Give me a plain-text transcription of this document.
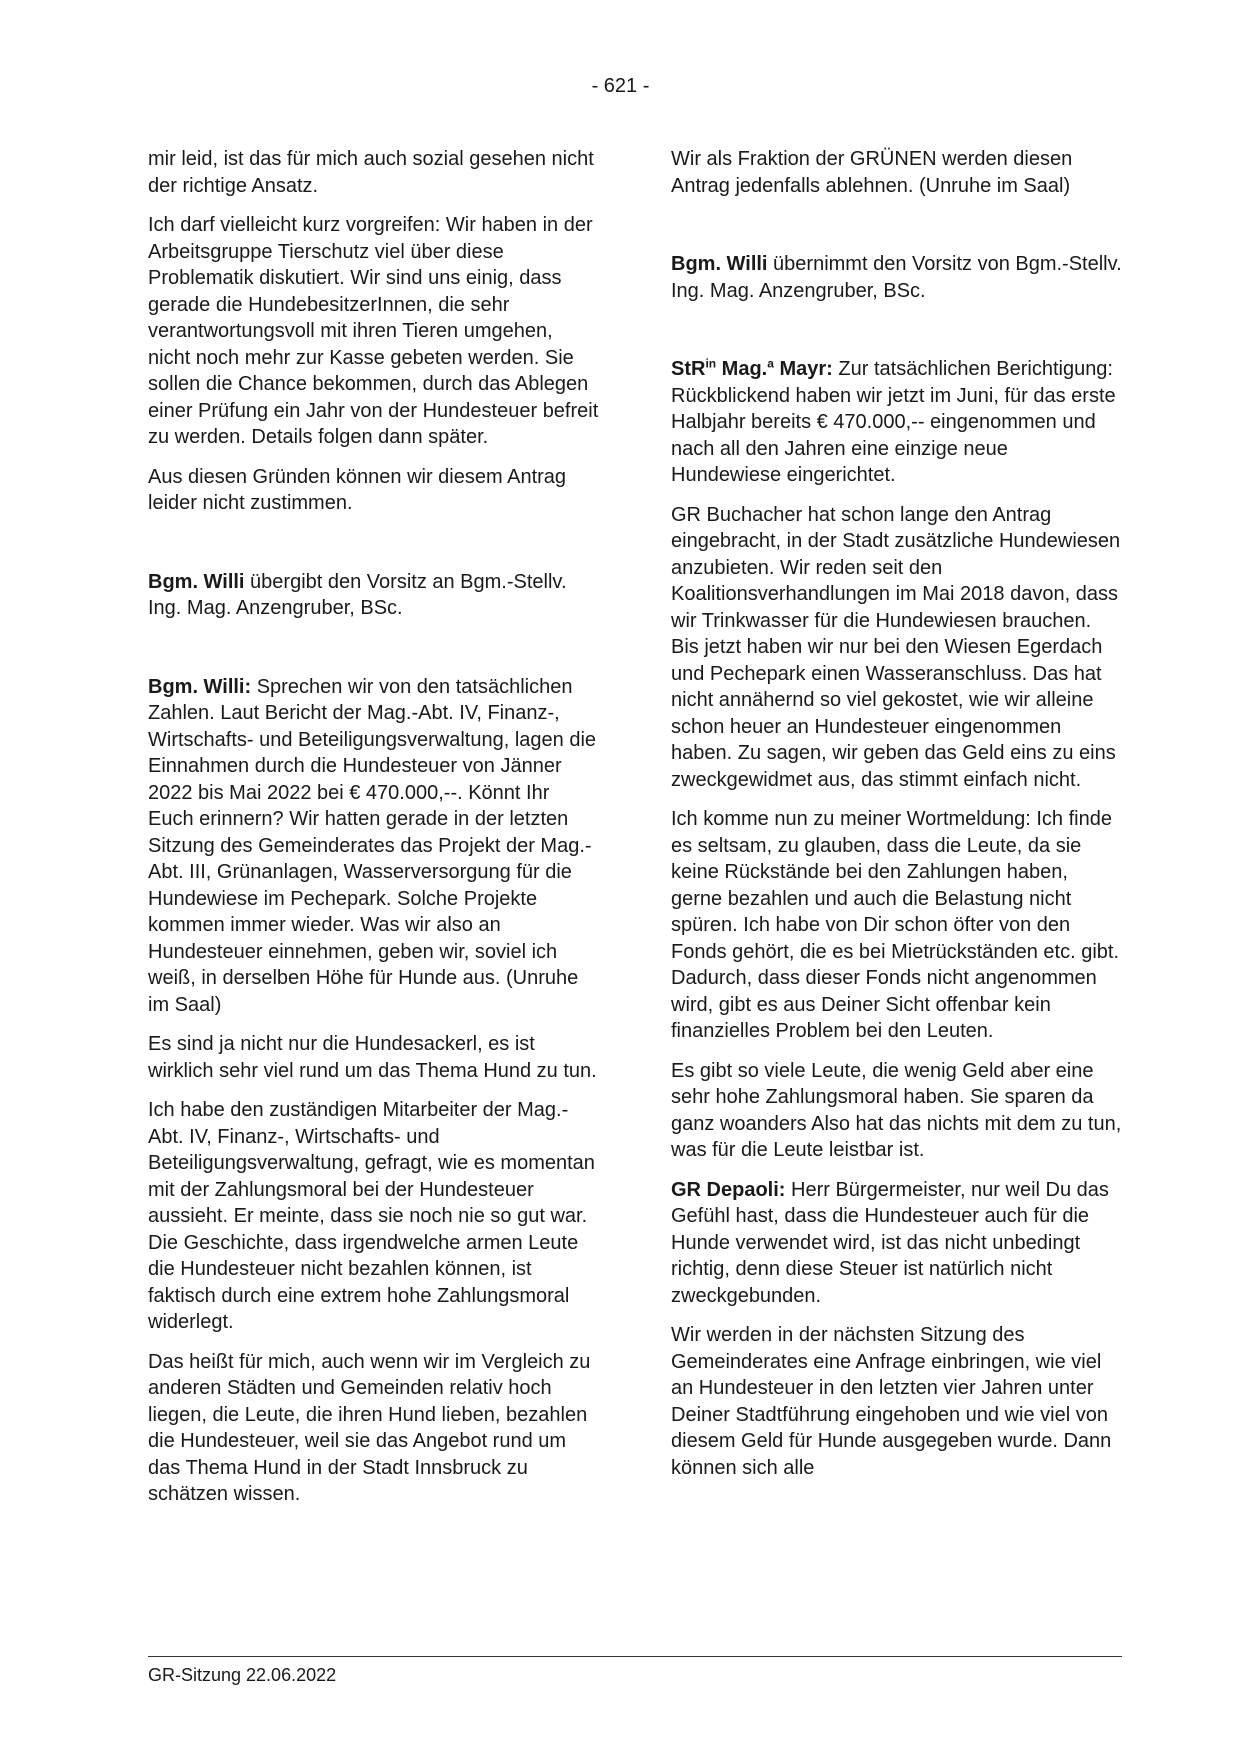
- 621 -

mir leid, ist das für mich auch sozial gesehen nicht der richtige Ansatz.

Ich darf vielleicht kurz vorgreifen: Wir haben in der Arbeitsgruppe Tierschutz viel über diese Problematik diskutiert. Wir sind uns einig, dass gerade die HundebesitzerInnen, die sehr verantwortungsvoll mit ihren Tieren umgehen, nicht noch mehr zur Kasse gebeten werden. Sie sollen die Chance bekommen, durch das Ablegen einer Prüfung ein Jahr von der Hundesteuer befreit zu werden. Details folgen dann später.

Aus diesen Gründen können wir diesem Antrag leider nicht zustimmen.

Bgm. Willi übergibt den Vorsitz an Bgm.-Stellv. Ing. Mag. Anzengruber, BSc.

Bgm. Willi: Sprechen wir von den tatsächlichen Zahlen. Laut Bericht der Mag.-Abt. IV, Finanz-, Wirtschafts- und Beteiligungsverwaltung, lagen die Einnahmen durch die Hundesteuer von Jänner 2022 bis Mai 2022 bei € 470.000,--. Könnt Ihr Euch erinnern? Wir hatten gerade in der letzten Sitzung des Gemeinderates das Projekt der Mag.-Abt. III, Grünanlagen, Wasserversorgung für die Hundewiese im Pechepark. Solche Projekte kommen immer wieder. Was wir also an Hundesteuer einnehmen, geben wir, soviel ich weiß, in derselben Höhe für Hunde aus. (Unruhe im Saal)

Es sind ja nicht nur die Hundesackerl, es ist wirklich sehr viel rund um das Thema Hund zu tun.

Ich habe den zuständigen Mitarbeiter der Mag.-Abt. IV, Finanz-, Wirtschafts- und Beteiligungsverwaltung, gefragt, wie es momentan mit der Zahlungsmoral bei der Hundesteuer aussieht. Er meinte, dass sie noch nie so gut war. Die Geschichte, dass irgendwelche armen Leute die Hundesteuer nicht bezahlen können, ist faktisch durch eine extrem hohe Zahlungsmoral widerlegt.

Das heißt für mich, auch wenn wir im Vergleich zu anderen Städten und Gemeinden relativ hoch liegen, die Leute, die ihren Hund lieben, bezahlen die Hundesteuer, weil sie das Angebot rund um das Thema Hund in der Stadt Innsbruck zu schätzen wissen.

Wir als Fraktion der GRÜNEN werden diesen Antrag jedenfalls ablehnen. (Unruhe im Saal)

Bgm. Willi übernimmt den Vorsitz von Bgm.-Stellv. Ing. Mag. Anzengruber, BSc.

StR$^{in}$ Mag.$^a$ Mayr: Zur tatsächlichen Berichtigung: Rückblickend haben wir jetzt im Juni, für das erste Halbjahr bereits € 470.000,-- eingenommen und nach all den Jahren eine einzige neue Hundewiese eingerichtet.

GR Buchacher hat schon lange den Antrag eingebracht, in der Stadt zusätzliche Hundewiesen anzubieten. Wir reden seit den Koalitionsverhandlungen im Mai 2018 davon, dass wir Trinkwasser für die Hundewiesen brauchen. Bis jetzt haben wir nur bei den Wiesen Egerdach und Pechepark einen Wasseranschluss. Das hat nicht annähernd so viel gekostet, wie wir alleine schon heuer an Hundesteuer eingenommen haben. Zu sagen, wir geben das Geld eins zu eins zweckgewidmet aus, das stimmt einfach nicht.

Ich komme nun zu meiner Wortmeldung: Ich finde es seltsam, zu glauben, dass die Leute, da sie keine Rückstände bei den Zahlungen haben, gerne bezahlen und auch die Belastung nicht spüren. Ich habe von Dir schon öfter von den Fonds gehört, die es bei Mietrückständen etc. gibt. Dadurch, dass dieser Fonds nicht angenommen wird, gibt es aus Deiner Sicht offenbar kein finanzielles Problem bei den Leuten.

Es gibt so viele Leute, die wenig Geld aber eine sehr hohe Zahlungsmoral haben. Sie sparen da ganz woanders Also hat das nichts mit dem zu tun, was für die Leute leistbar ist.

GR Depaoli: Herr Bürgermeister, nur weil Du das Gefühl hast, dass die Hundesteuer auch für die Hunde verwendet wird, ist das nicht unbedingt richtig, denn diese Steuer ist natürlich nicht zweckgebunden.

Wir werden in der nächsten Sitzung des Gemeinderates eine Anfrage einbringen, wie viel an Hundesteuer in den letzten vier Jahren unter Deiner Stadtführung eingehoben und wie viel von diesem Geld für Hunde ausgegeben wurde. Dann können sich alle

GR-Sitzung 22.06.2022
